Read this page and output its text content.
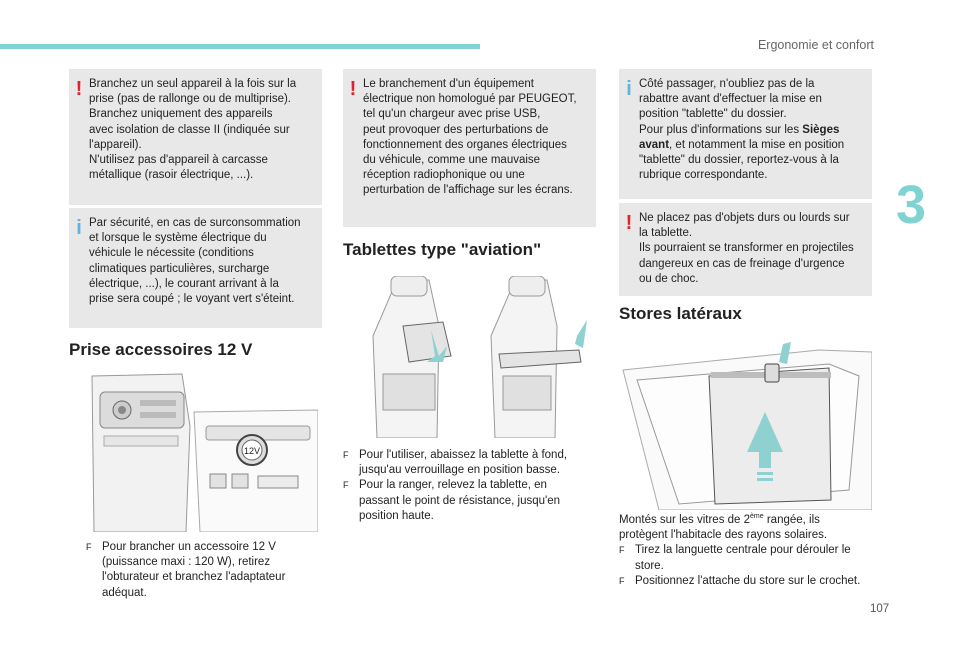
Ergonomie et confort
3
107
! Branchez un seul appareil à la fois sur la

prise (pas de rallonge ou de multiprise).

Branchez uniquement des appareils

avec isolation de classe II (indiquée sur

l'appareil).

N'utilisez pas d'appareil à carcasse

métallique (rasoir électrique, ...).

i Par sécurité, en cas de surconsommation

et lorsque le système électrique du

véhicule le nécessite (conditions

climatiques particulières, surcharge

électrique, ...), le courant arrivant à la

prise sera coupé ; le voyant vert s'éteint.

Prise accessoires 12 V
12V
F Pour brancher un accessoire 12 V

(puissance maxi : 120 W), retirez

l'obturateur et branchez l'adaptateur

adéquat.

! Le branchement d'un équipement

électrique non homologué par PEUGEOT,

tel qu'un chargeur avec prise USB,

peut provoquer des perturbations de

fonctionnement des organes électriques

du véhicule, comme une mauvaise

réception radiophonique ou une

perturbation de l'affichage sur les écrans.

Tablettes type "aviation"
F Pour l'utiliser, abaissez la tablette à fond,

jusqu'au verrouillage en position basse.

F Pour la ranger, relevez la tablette, en

passant le point de résistance, jusqu'en

position haute.

i Côté passager, n'oubliez pas de la

rabattre avant d'effectuer la mise en

position "tablette" du dossier.

Pour plus d'informations sur les Sièges

avant, et notamment la mise en position

"tablette" du dossier, reportez-vous à la

rubrique correspondante.

! Ne placez pas d'objets durs ou lourds sur

la tablette.

Ils pourraient se transformer en projectiles

dangereux en cas de freinage d'urgence

ou de choc.

Stores latéraux

Montés sur les vitres de 2ème rangée, ils

protègent l'habitacle des rayons solaires.

F Tirez la languette centrale pour dérouler le

store.

F Positionnez l'attache du store sur le crochet.
